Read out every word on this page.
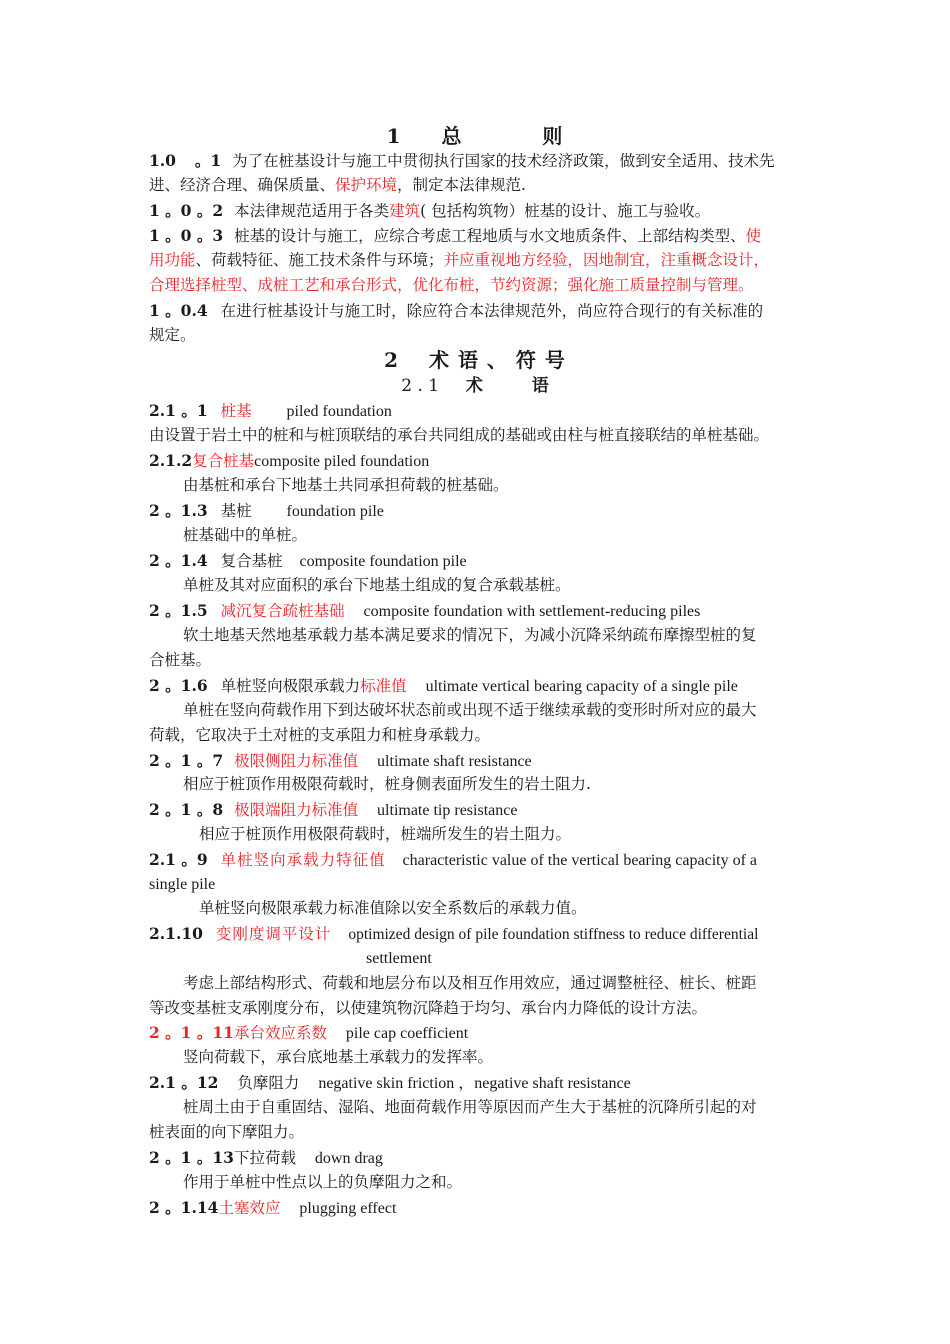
1 总	则
1.0 。1 为了在桩基设计与施工中贯彻执行国家的技术经济政策，做到安全适用、技术先
进、经济合理、确保质量、保护环境，制定本法律规范.
1 。0 。2 本法律规范适用于各类建筑( 包括构筑物）桩基的设计、施工与验收。
1 。0 。3 桩基的设计与施工，应综合考虑工程地质与水文地质条件、上部结构类型、使
用功能、荷载特征、施工技术条件与环境；并应重视地方经验，因地制宜，注重概念设计，
合理选择桩型、成桩工艺和承台形式，优化布桩，节约资源；强化施工质量控制与管理。
1 。0.4 在进行桩基设计与施工时，除应符合本法律规范外，尚应符合现行的有关标准的
规定。
2 术 语 、 符 号
2 . 1 术	语
2.1 。1 桩基 piled foundation
由设置于岩土中的桩和与桩顶联结的承台共同组成的基础或由柱与桩直接联结的单桩基础。
2.1.2复合桩基composite piled foundation
由基桩和承台下地基土共同承担荷载的桩基础。
2 。1.3 基桩 foundation pile
桩基础中的单桩。
2 。1.4 复合基桩 composite foundation pile
单桩及其对应面积的承台下地基土组成的复合承载基桩。
2 。1.5 减沉复合疏桩基础 composite foundation with settlement-reducing piles
软土地基天然地基承载力基本满足要求的情况下，为减小沉降采纳疏布摩擦型桩的复
合桩基。
2 。1.6 单桩竖向极限承载力标准值 ultimate vertical bearing capacity of a single pile
单桩在竖向荷载作用下到达破坏状态前或出现不适于继续承载的变形时所对应的最大
荷载，它取决于土对桩的支承阻力和桩身承载力。
2 。1 。7 极限侧阻力标准值 ultimate shaft resistance
相应于桩顶作用极限荷载时，桩身侧表面所发生的岩土阻力.
2 。1 。8 极限端阻力标准值 ultimate tip resistance
相应于桩顶作用极限荷载时，桩端所发生的岩土阻力。
2.1 。9 单桩竖向承载力特征值 characteristic value of the vertical bearing capacity of a
single pile
单桩竖向极限承载力标准值除以安全系数后的承载力值。
2.1.10 变刚度调平设计 optimized design of pile foundation stiffness to reduce differential
settlement
考虑上部结构形式、荷载和地层分布以及相互作用效应，通过调整桩径、桩长、桩距
等改变基桩支承刚度分布，以使建筑物沉降趋于均匀、承台内力降低的设计方法。
2 。1 。11承台效应系数 pile cap coefficient
竖向荷载下，承台底地基土承载力的发挥率。
2.1 。12 负摩阻力 negative skin friction ，negative shaft resistance
桩周土由于自重固结、湿陷、地面荷载作用等原因而产生大于基桩的沉降所引起的对
桩表面的向下摩阻力。
2 。1 。13下拉荷载 down drag
作用于单桩中性点以上的负摩阻力之和。
2 。1.14土塞效应 plugging effect
